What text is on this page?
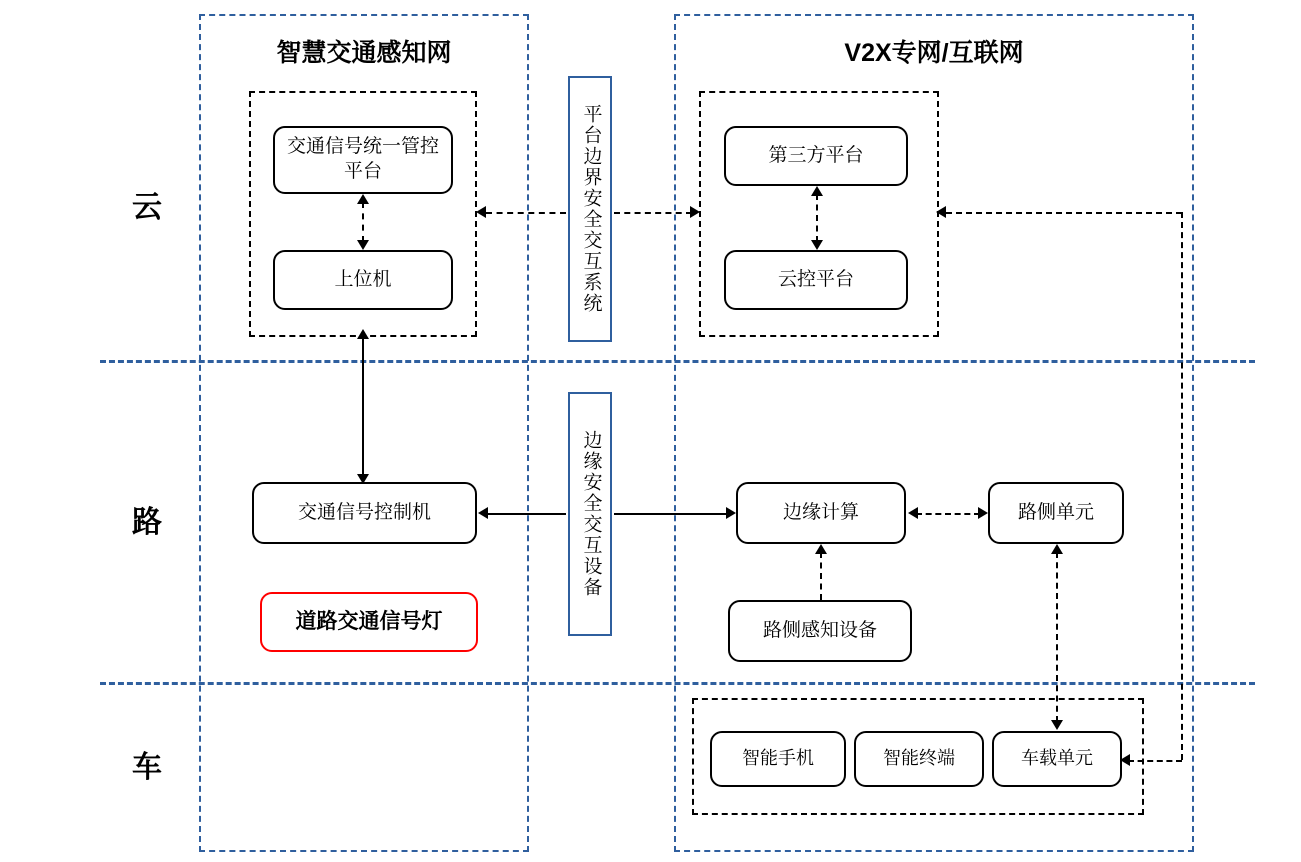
智慧交通感知网	V2X专网/互联网
云
路
车
交通信号统一管控平台
上位机
第三方平台
云控平台
平台边界安全交互系统
边缘安全交互设备
交通信号控制机
道路交通信号灯
边缘计算	路侧单元
路侧感知设备
智能手机	智能终端	车载单元
